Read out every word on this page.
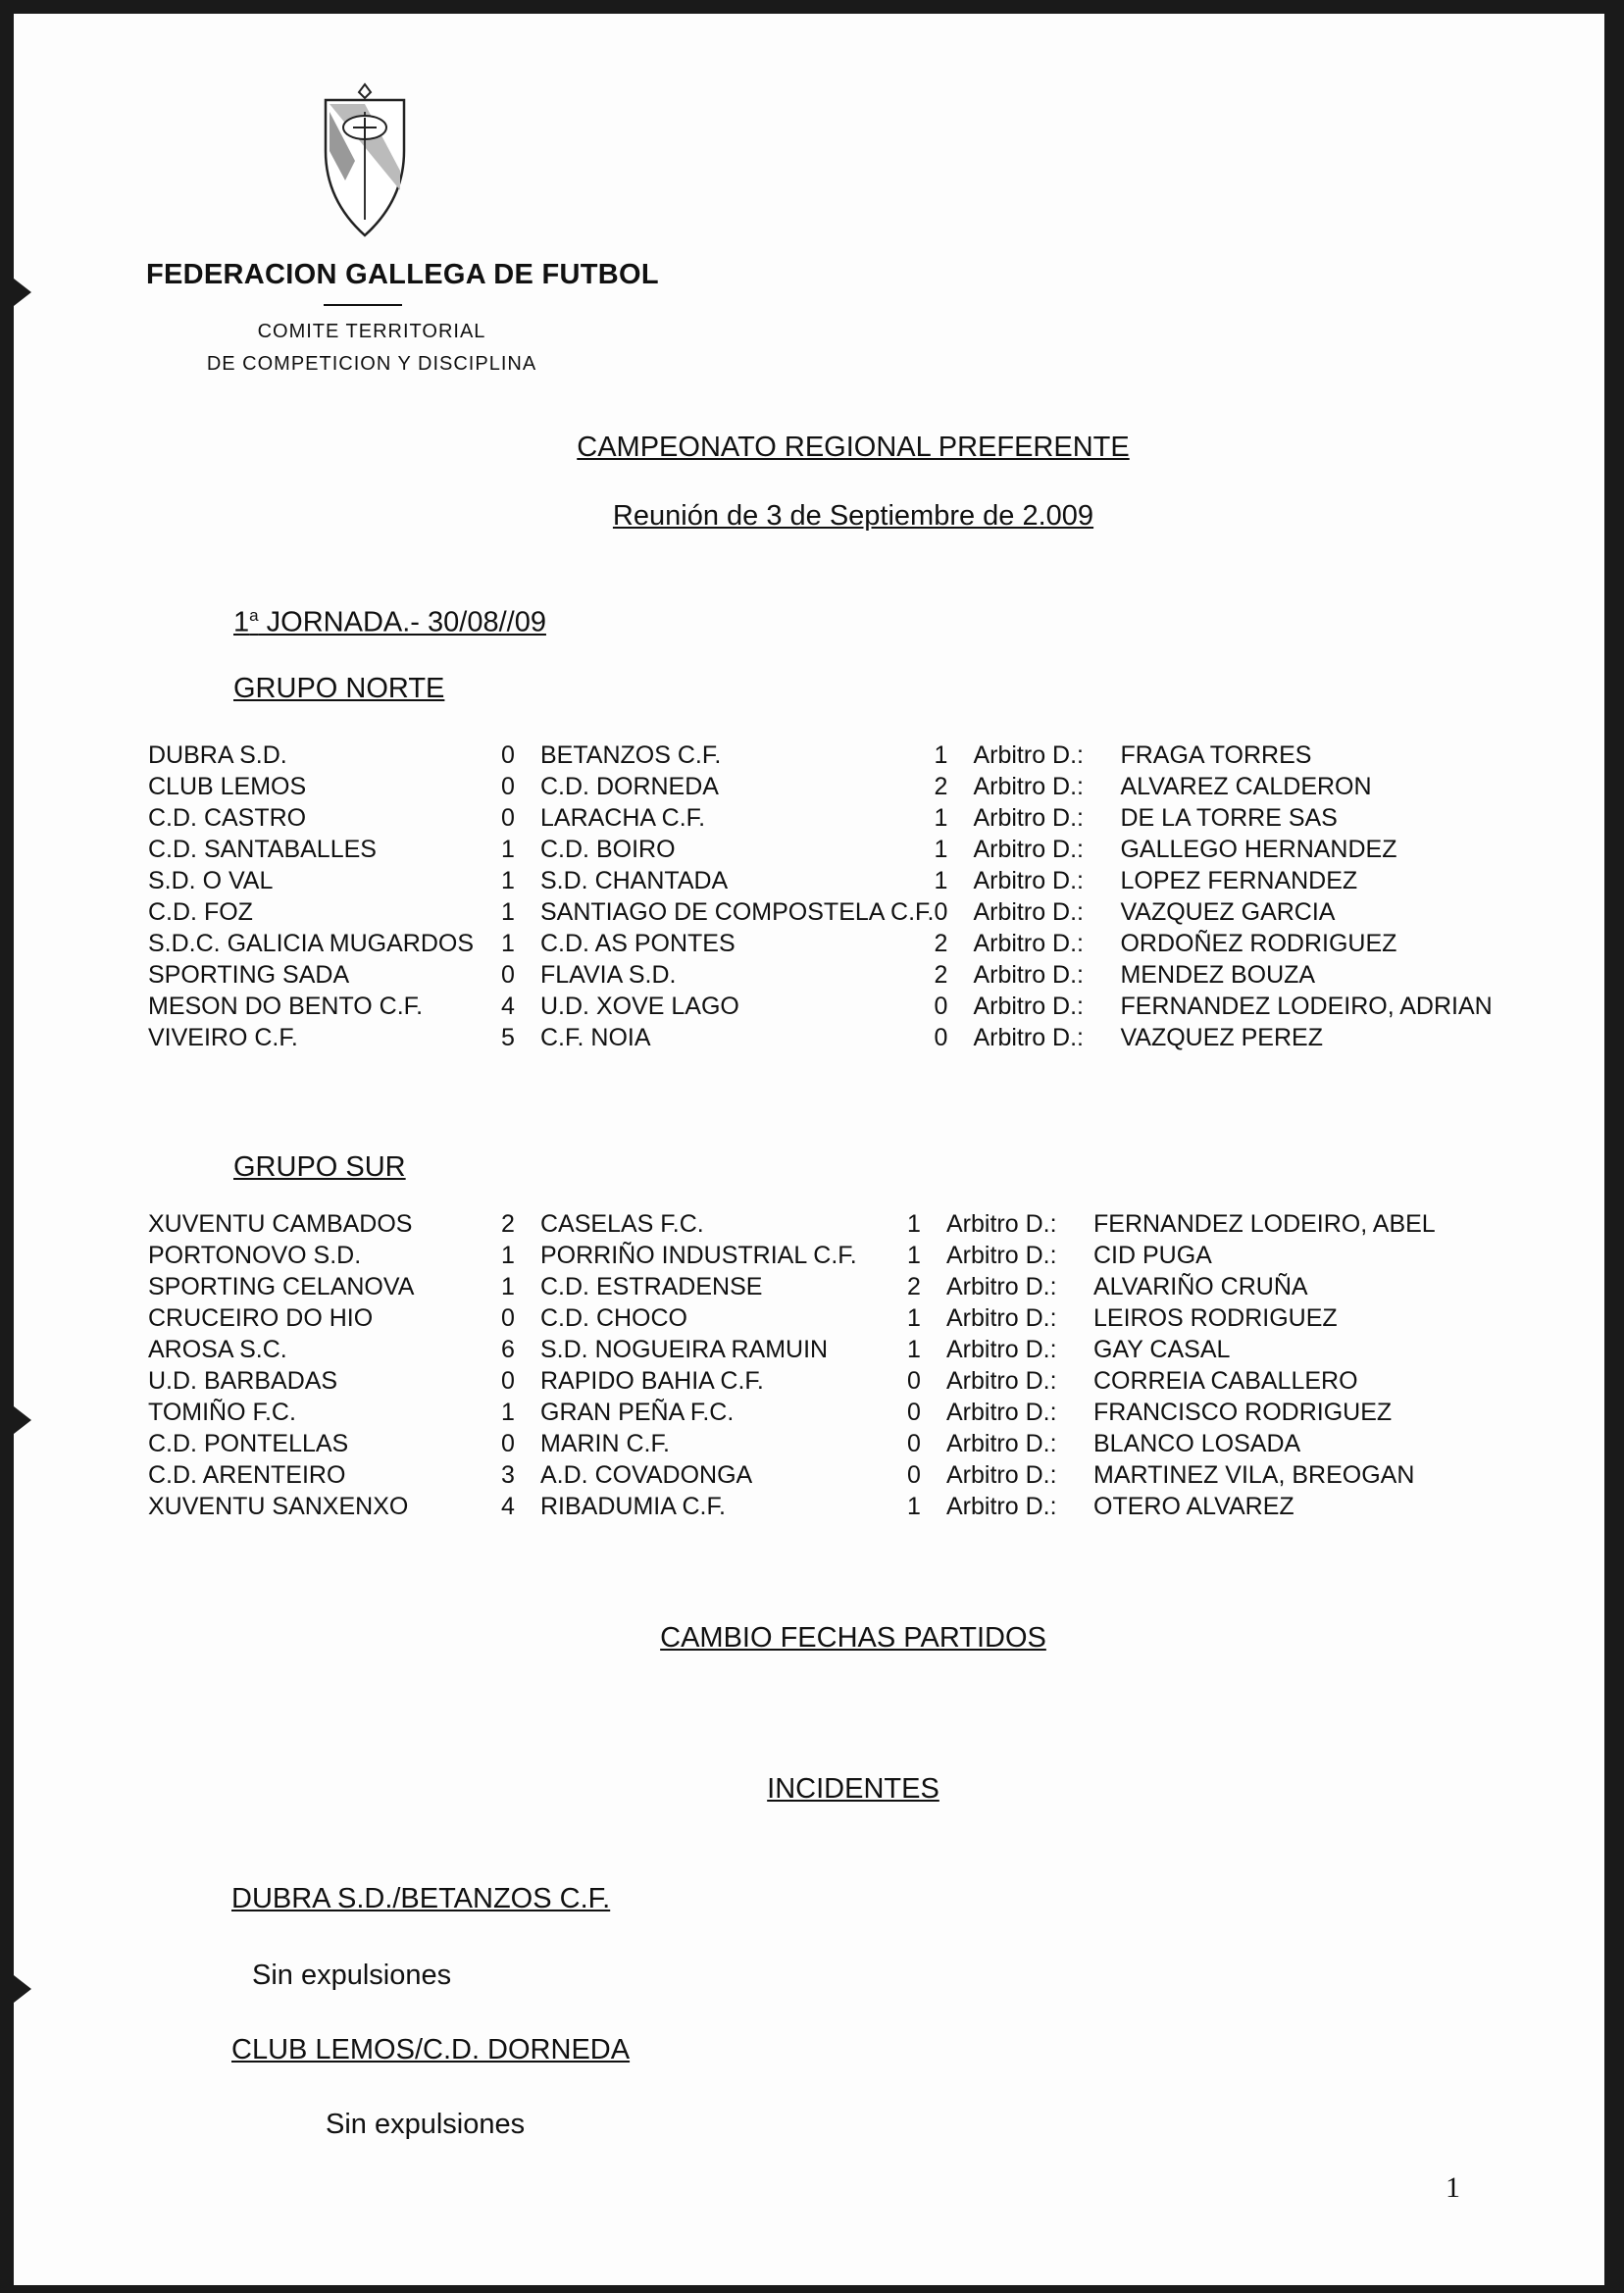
FEDERACION GALLEGA DE FUTBOL
COMITE TERRITORIAL
DE COMPETICION Y DISCIPLINA
CAMPEONATO REGIONAL PREFERENTE
Reunión de 3 de Septiembre de 2.009
1$^a$ JORNADA.- 30/08//09
GRUPO NORTE
DUBRA S.D.	0	BETANZOS C.F.	1	Arbitro D.:	FRAGA TORRES
CLUB LEMOS	0	C.D. DORNEDA	2	Arbitro D.:	ALVAREZ CALDERON
C.D. CASTRO	0	LARACHA C.F.	1	Arbitro D.:	DE LA TORRE SAS
C.D. SANTABALLES	1	C.D. BOIRO	1	Arbitro D.:	GALLEGO HERNANDEZ
S.D. O VAL	1	S.D. CHANTADA	1	Arbitro D.:	LOPEZ FERNANDEZ
C.D. FOZ	1	SANTIAGO DE COMPOSTELA C.F.	0	Arbitro D.:	VAZQUEZ GARCIA
S.D.C. GALICIA MUGARDOS	1	C.D. AS PONTES	2	Arbitro D.:	ORDOÑEZ RODRIGUEZ
SPORTING SADA	0	FLAVIA S.D.	2	Arbitro D.:	MENDEZ BOUZA
MESON DO BENTO C.F.	4	U.D. XOVE LAGO	0	Arbitro D.:	FERNANDEZ LODEIRO, ADRIAN
VIVEIRO C.F.	5	C.F. NOIA	0	Arbitro D.:	VAZQUEZ PEREZ
GRUPO SUR
XUVENTU CAMBADOS	2	CASELAS F.C.	1	Arbitro D.:	FERNANDEZ LODEIRO, ABEL
PORTONOVO S.D.	1	PORRIÑO INDUSTRIAL C.F.	1	Arbitro D.:	CID PUGA
SPORTING CELANOVA	1	C.D. ESTRADENSE	2	Arbitro D.:	ALVARIÑO CRUÑA
CRUCEIRO DO HIO	0	C.D. CHOCO	1	Arbitro D.:	LEIROS RODRIGUEZ
AROSA S.C.	6	S.D. NOGUEIRA RAMUIN	1	Arbitro D.:	GAY CASAL
U.D. BARBADAS	0	RAPIDO BAHIA C.F.	0	Arbitro D.:	CORREIA CABALLERO
TOMIÑO F.C.	1	GRAN PEÑA F.C.	0	Arbitro D.:	FRANCISCO RODRIGUEZ
C.D. PONTELLAS	0	MARIN C.F.	0	Arbitro D.:	BLANCO LOSADA
C.D. ARENTEIRO	3	A.D. COVADONGA	0	Arbitro D.:	MARTINEZ VILA, BREOGAN
XUVENTU SANXENXO	4	RIBADUMIA C.F.	1	Arbitro D.:	OTERO ALVAREZ
CAMBIO FECHAS PARTIDOS
INCIDENTES
DUBRA S.D./BETANZOS C.F.
Sin expulsiones
CLUB LEMOS/C.D. DORNEDA
Sin expulsiones
1
